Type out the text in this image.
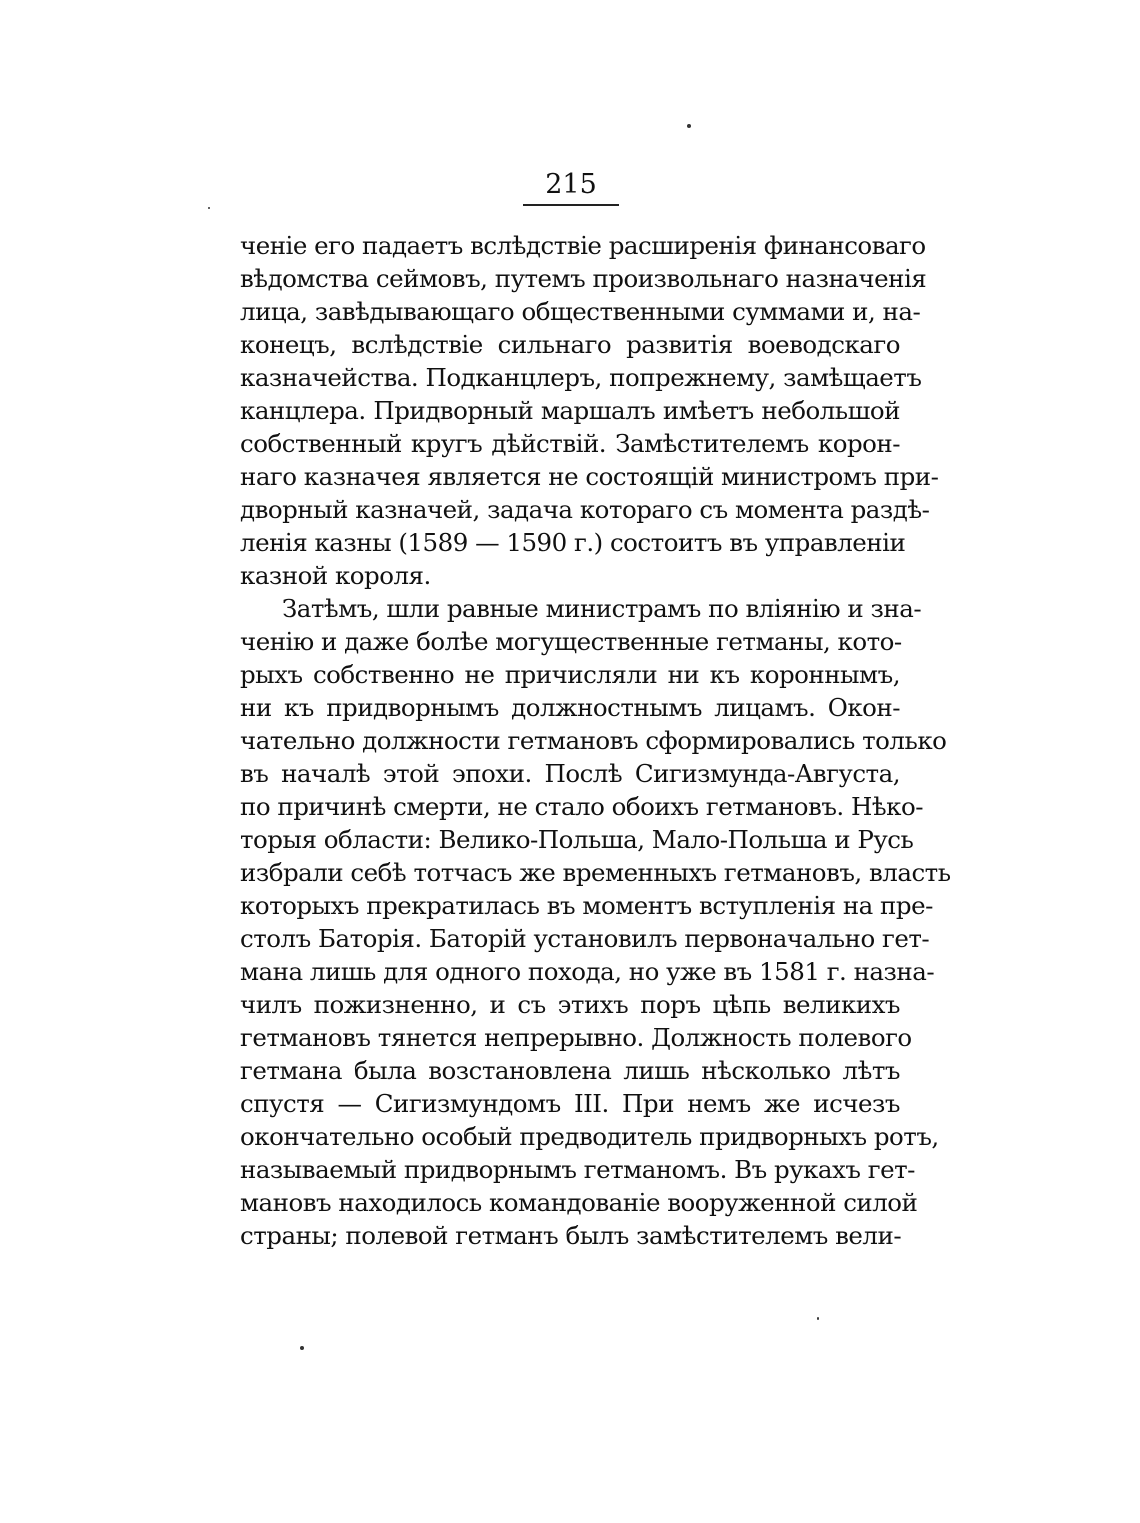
215
ченіе его падаетъ вслѣдствіе расширенія финансоваго
вѣдомства сеймовъ, путемъ произвольнаго назначенія
лица, завѣдывающаго общественными суммами и, на-
конецъ, вслѣдствіе сильнаго развитія воеводскаго
казначейства. Подканцлеръ, попрежнему, замѣщаетъ
канцлера. Придворный маршалъ имѣетъ небольшой
собственный кругъ дѣйствій. Замѣстителемъ корон-
наго казначея является не состоящій министромъ при-
дворный казначей, задача котораго съ момента раздѣ-
ленія казны (1589 — 1590 г.) состоитъ въ управленіи
казной короля.
Затѣмъ, шли равные министрамъ по вліянію и зна-
ченію и даже болѣе могущественные гетманы, кото-
рыхъ собственно не причисляли ни къ короннымъ,
ни къ придворнымъ должностнымъ лицамъ. Окон-
чательно должности гетмановъ сформировались только
въ началѣ этой эпохи. Послѣ Сигизмунда-Августа,
по причинѣ смерти, не стало обоихъ гетмановъ. Нѣко-
торыя области: Велико-Польша, Мало-Польша и Русь
избрали себѣ тотчасъ же временныхъ гетмановъ, власть
которыхъ прекратилась въ моментъ вступленія на пре-
столъ Баторія. Баторій установилъ первоначально гет-
мана лишь для одного похода, но уже въ 1581 г. назна-
чилъ пожизненно, и съ этихъ поръ цѣпь великихъ
гетмановъ тянется непрерывно. Должность полевого
гетмана была возстановлена лишь нѣсколько лѣтъ
спустя — Сигизмундомъ III. При немъ же исчезъ
окончательно особый предводитель придворныхъ ротъ,
называемый придворнымъ гетманомъ. Въ рукахъ гет-
мановъ находилось командованіе вооруженной силой
страны; полевой гетманъ былъ замѣстителемъ вели-
